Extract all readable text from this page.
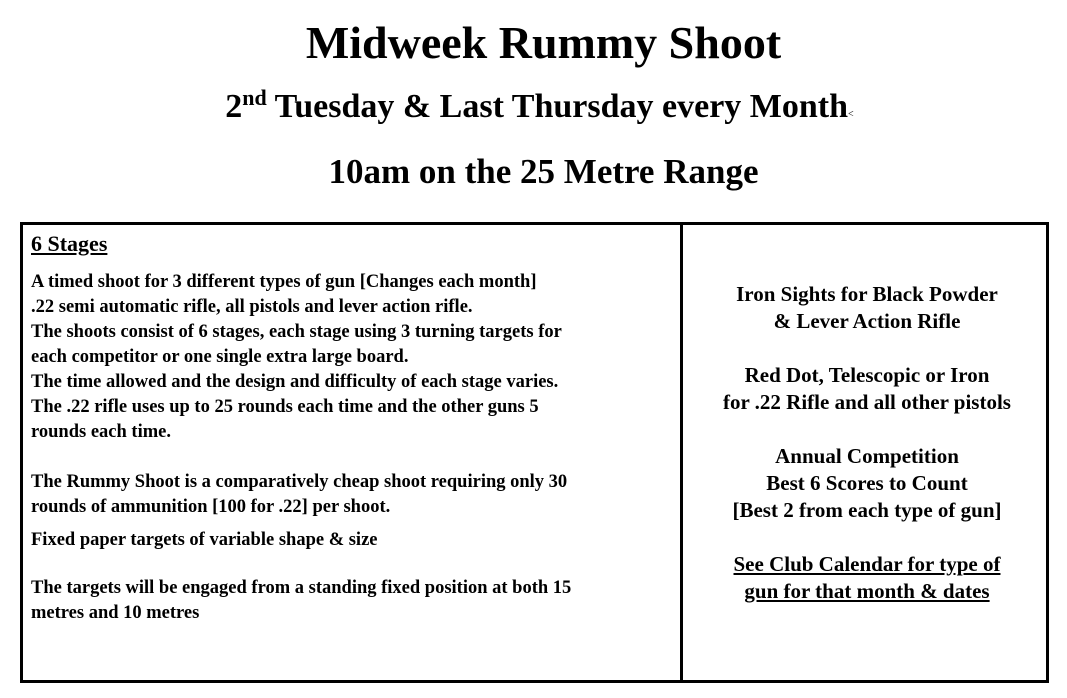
Midweek Rummy Shoot
2nd Tuesday & Last Thursday every Month<
10am on the 25 Metre Range

6 Stages

A timed shoot for 3 different types of gun [Changes each month]
.22 semi automatic rifle, all pistols and lever action rifle.
The shoots consist of 6 stages, each stage using 3 turning targets for
each competitor or one single extra large board.
The time allowed and the design and difficulty of each stage varies.
The .22 rifle uses up to 25 rounds each time and the other guns 5
rounds each time.
The Rummy Shoot is a comparatively cheap shoot requiring only 30
rounds of ammunition [100 for .22] per shoot.
Fixed paper targets of variable shape & size
The targets will be engaged from a standing fixed position at both 15
metres and 10 metres

Iron Sights for Black Powder
& Lever Action Rifle

Red Dot, Telescopic or Iron
for .22 Rifle and all other pistols

Annual Competition
Best 6 Scores to Count
[Best 2 from each type of gun]

See Club Calendar for type of
gun for that month & dates
